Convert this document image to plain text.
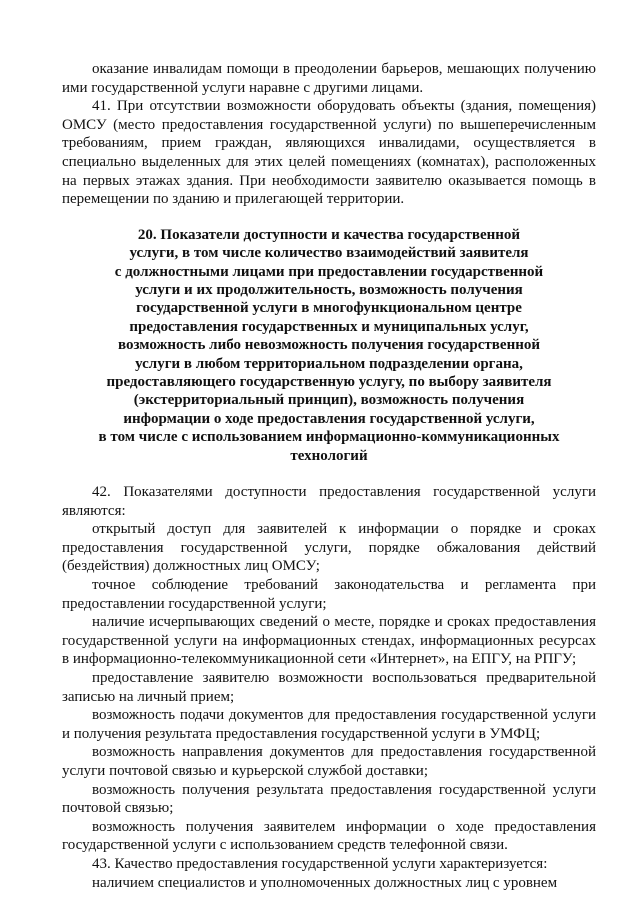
оказание инвалидам помощи в преодолении барьеров, мешающих получению ими государственной услуги наравне с другими лицами.

41. При отсутствии возможности оборудовать объекты (здания, помещения) ОМСУ (место предоставления государственной услуги) по вышеперечисленным требованиям, прием граждан, являющихся инвалидами, осуществляется в специально выделенных для этих целей помещениях (комнатах), расположенных на первых этажах здания. При необходимости заявителю оказывается помощь в перемещении по зданию и прилегающей территории.

20. Показатели доступности и качества государственной
услуги, в том числе количество взаимодействий заявителя
с должностными лицами при предоставлении государственной
услуги и их продолжительность, возможность получения
государственной услуги в многофункциональном центре
предоставления государственных и муниципальных услуг,
возможность либо невозможность получения государственной
услуги в любом территориальном подразделении органа,
предоставляющего государственную услугу, по выбору заявителя
(экстерриториальный принцип), возможность получения
информации о ходе предоставления государственной услуги,
в том числе с использованием информационно-коммуникационных
технологий

42. Показателями доступности предоставления государственной услуги являются:

открытый доступ для заявителей к информации о порядке и сроках предоставления государственной услуги, порядке обжалования действий (бездействия) должностных лиц ОМСУ;

точное соблюдение требований законодательства и регламента при предоставлении государственной услуги;

наличие исчерпывающих сведений о месте, порядке и сроках предоставления государственной услуги на информационных стендах, информационных ресурсах в информационно-телекоммуникационной сети «Интернет», на ЕПГУ, на РПГУ;

предоставление заявителю возможности воспользоваться предварительной записью на личный прием;

возможность подачи документов для предоставления государственной услуги и получения результата предоставления государственной услуги в УМФЦ;

возможность направления документов для предоставления государственной услуги почтовой связью и курьерской службой доставки;

возможность получения результата предоставления государственной услуги почтовой связью;

возможность получения заявителем информации о ходе предоставления государственной услуги с использованием средств телефонной связи.

43. Качество предоставления государственной услуги характеризуется:

наличием специалистов и уполномоченных должностных лиц с уровнем
